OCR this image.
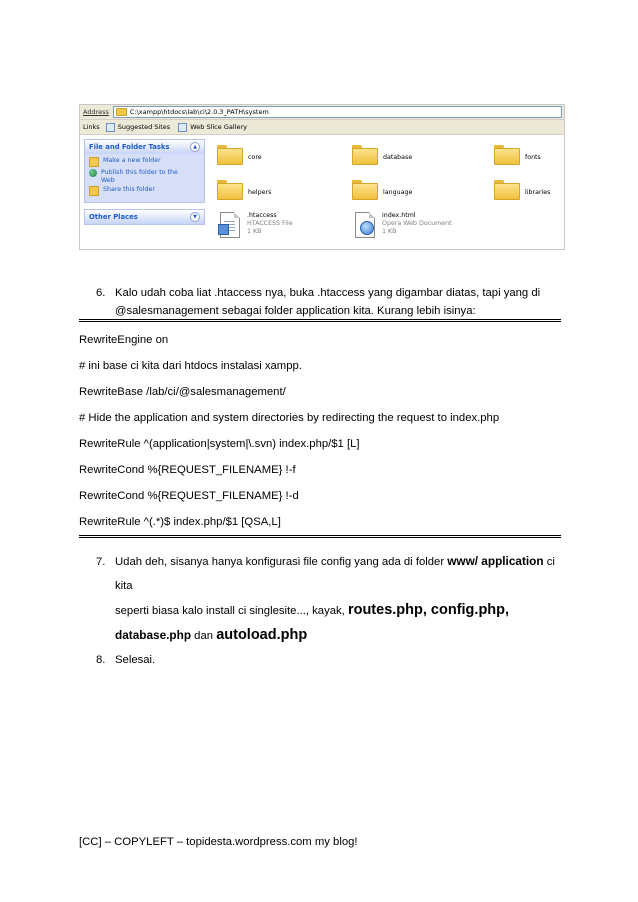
Address	C:\xampp\htdocs\lab\ci\2.0.3_PATH\system
Links	Suggested Sites	Web Slice Gallery
File and Folder Tasks	▲
Make a new folder
Publish this folder to the Web
Share this folder
Other Places	▼
core	database	fonts
helpers	language	libraries
.htaccess
HTACCESS File
1 KB
index.html
Opera Web Document
1 KB
6. Kalo udah coba liat .htaccess nya, buka .htaccess yang digambar diatas, tapi yang di
@salesmanagement sebagai folder application kita. Kurang lebih isinya:
RewriteEngine on
# ini base ci kita dari htdocs instalasi xampp.
RewriteBase /lab/ci/@salesmanagement/
# Hide the application and system directories by redirecting the request to index.php
RewriteRule ^(application|system|\.svn) index.php/$1 [L]
RewriteCond %{REQUEST_FILENAME} !-f
RewriteCond %{REQUEST_FILENAME} !-d
RewriteRule ^(.*)$ index.php/$1 [QSA,L]
7. Udah deh, sisanya hanya konfigurasi file config yang ada di folder www/ application ci kita
seperti biasa kalo install ci singlesite..., kayak, routes.php, config.php,
database.php dan autoload.php
8. Selesai.
[CC] – COPYLEFT – topidesta.wordpress.com my blog!
